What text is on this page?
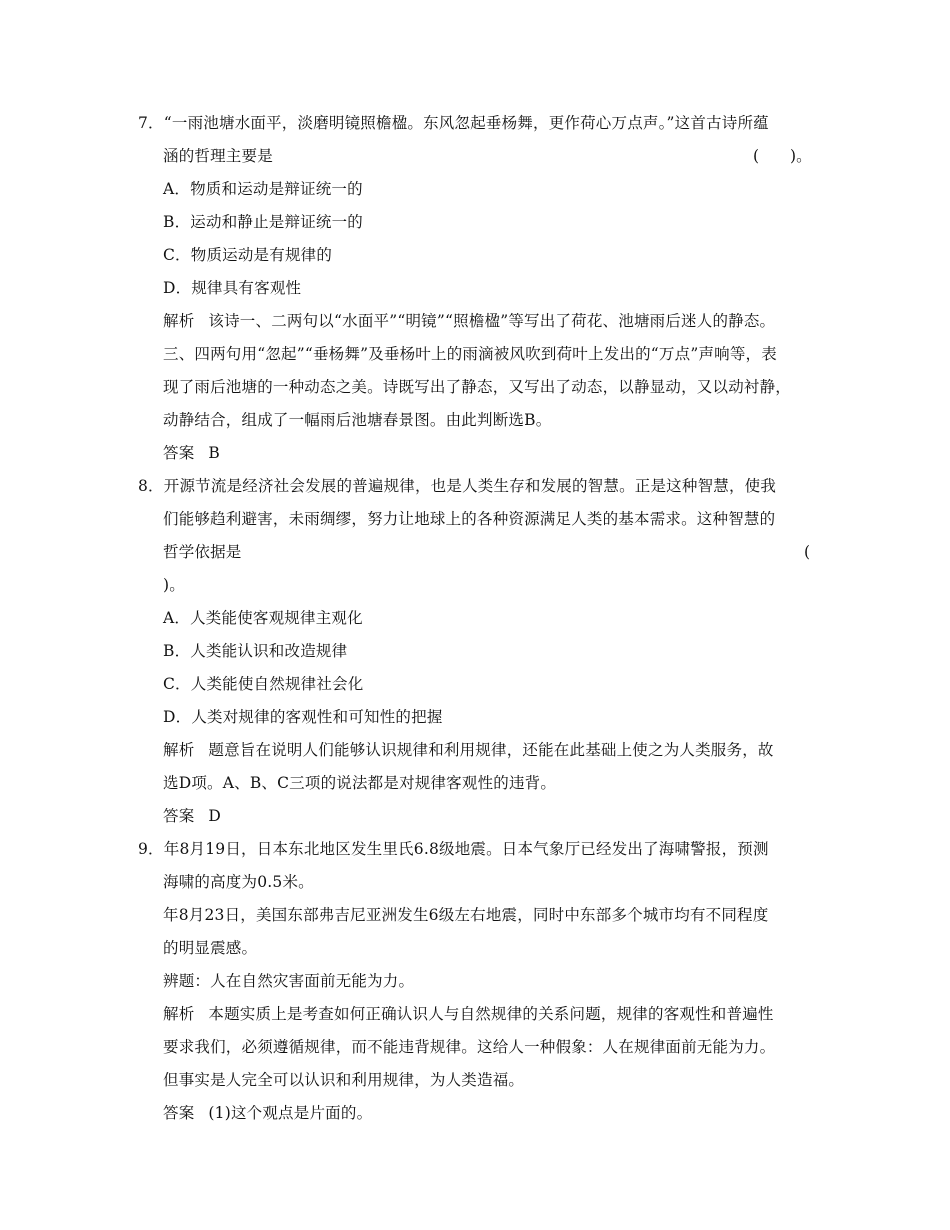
7．“一雨池塘水面平，淡磨明镜照檐楹。东风忽起垂杨舞，更作荷心万点声。”这首古诗所蕴
涵的哲理主要是	(　　)。
A．物质和运动是辩证统一的
B．运动和静止是辩证统一的
C．物质运动是有规律的
D．规律具有客观性
解析 该诗一、二两句以“水面平”“明镜”“照檐楹”等写出了荷花、池塘雨后迷人的静态。
三、四两句用“忽起”“垂杨舞”及垂杨叶上的雨滴被风吹到荷叶上发出的“万点”声响等，表
现了雨后池塘的一种动态之美。诗既写出了静态，又写出了动态，以静显动，又以动衬静，
动静结合，组成了一幅雨后池塘春景图。由此判断选B。
答案 B
8．开源节流是经济社会发展的普遍规律，也是人类生存和发展的智慧。正是这种智慧，使我
们能够趋利避害，未雨绸缪，努力让地球上的各种资源满足人类的基本需求。这种智慧的
哲学依据是	(
)。
A．人类能使客观规律主观化
B．人类能认识和改造规律
C．人类能使自然规律社会化
D．人类对规律的客观性和可知性的把握
解析 题意旨在说明人们能够认识规律和利用规律，还能在此基础上使之为人类服务，故
选D项。A、B、C三项的说法都是对规律客观性的违背。
答案 D
9．年8月19日，日本东北地区发生里氏6.8级地震。日本气象厅已经发出了海啸警报，预测
海啸的高度为0.5米。
年8月23日，美国东部弗吉尼亚洲发生6级左右地震，同时中东部多个城市均有不同程度
的明显震感。
辨题：人在自然灾害面前无能为力。
解析 本题实质上是考查如何正确认识人与自然规律的关系问题，规律的客观性和普遍性
要求我们，必须遵循规律，而不能违背规律。这给人一种假象：人在规律面前无能为力。
但事实是人完全可以认识和利用规律，为人类造福。
答案 (1)这个观点是片面的。
